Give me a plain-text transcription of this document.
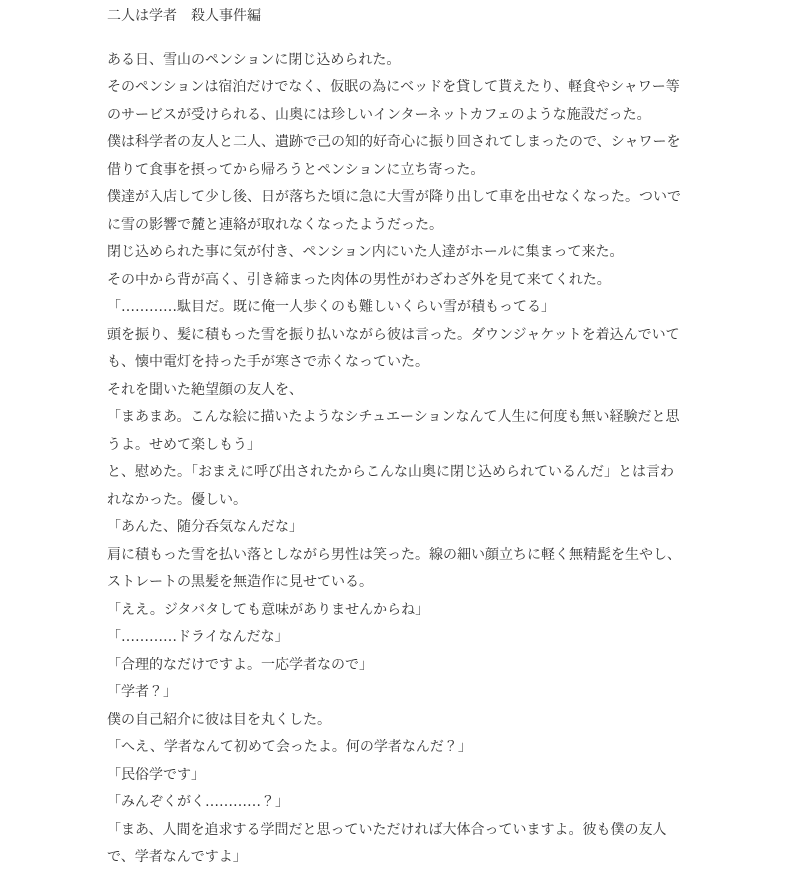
二人は学者　殺人事件編
ある日、雪山のペンションに閉じ込められた。
そのペンションは宿泊だけでなく、仮眠の為にベッドを貸して貰えたり、軽食やシャワー等のサービスが受けられる、山奥には珍しいインターネットカフェのような施設だった。
僕は科学者の友人と二人、遺跡で己の知的好奇心に振り回されてしまったので、シャワーを借りて食事を摂ってから帰ろうとペンションに立ち寄った。
僕達が入店して少し後、日が落ちた頃に急に大雪が降り出して車を出せなくなった。ついでに雪の影響で麓と連絡が取れなくなったようだった。
閉じ込められた事に気が付き、ペンション内にいた人達がホールに集まって来た。
その中から背が高く、引き締まった肉体の男性がわざわざ外を見て来てくれた。
「…………駄目だ。既に俺一人歩くのも難しいくらい雪が積もってる」
頭を振り、髪に積もった雪を振り払いながら彼は言った。ダウンジャケットを着込んでいても、懐中電灯を持った手が寒さで赤くなっていた。
それを聞いた絶望顔の友人を、
「まあまあ。こんな絵に描いたようなシチュエーションなんて人生に何度も無い経験だと思うよ。せめて楽しもう」
と、慰めた。「おまえに呼び出されたからこんな山奥に閉じ込められているんだ」とは言われなかった。優しい。
「あんた、随分呑気なんだな」
肩に積もった雪を払い落としながら男性は笑った。線の細い顔立ちに軽く無精髭を生やし、ストレートの黒髪を無造作に見せている。
「ええ。ジタバタしても意味がありませんからね」
「…………ドライなんだな」
「合理的なだけですよ。一応学者なので」
「学者？」
僕の自己紹介に彼は目を丸くした。
「へえ、学者なんて初めて会ったよ。何の学者なんだ？」
「民俗学です」
「みんぞくがく…………？」
「まあ、人間を追求する学問だと思っていただければ大体合っていますよ。彼も僕の友人で、学者なんですよ」
